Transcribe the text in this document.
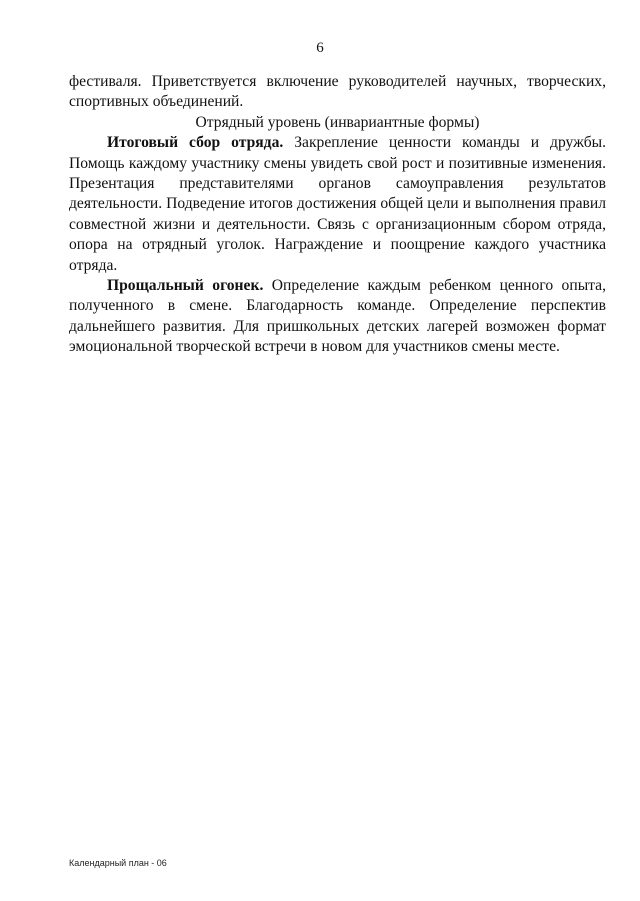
6

фестиваля. Приветствуется включение руководителей научных, творческих, спортивных объединений.

Отрядный уровень (инвариантные формы)

Итоговый сбор отряда. Закрепление ценности команды и дружбы. Помощь каждому участнику смены увидеть свой рост и позитивные изменения. Презентация представителями органов самоуправления результатов деятельности. Подведение итогов достижения общей цели и выполнения правил совместной жизни и деятельности. Связь с организационным сбором отряда, опора на отрядный уголок. Награждение и поощрение каждого участника отряда.

Прощальный огонек. Определение каждым ребенком ценного опыта, полученного в смене. Благодарность команде. Определение перспектив дальнейшего развития. Для пришкольных детских лагерей возможен формат эмоциональной творческой встречи в новом для участников смены месте.

Календарный план - 06
